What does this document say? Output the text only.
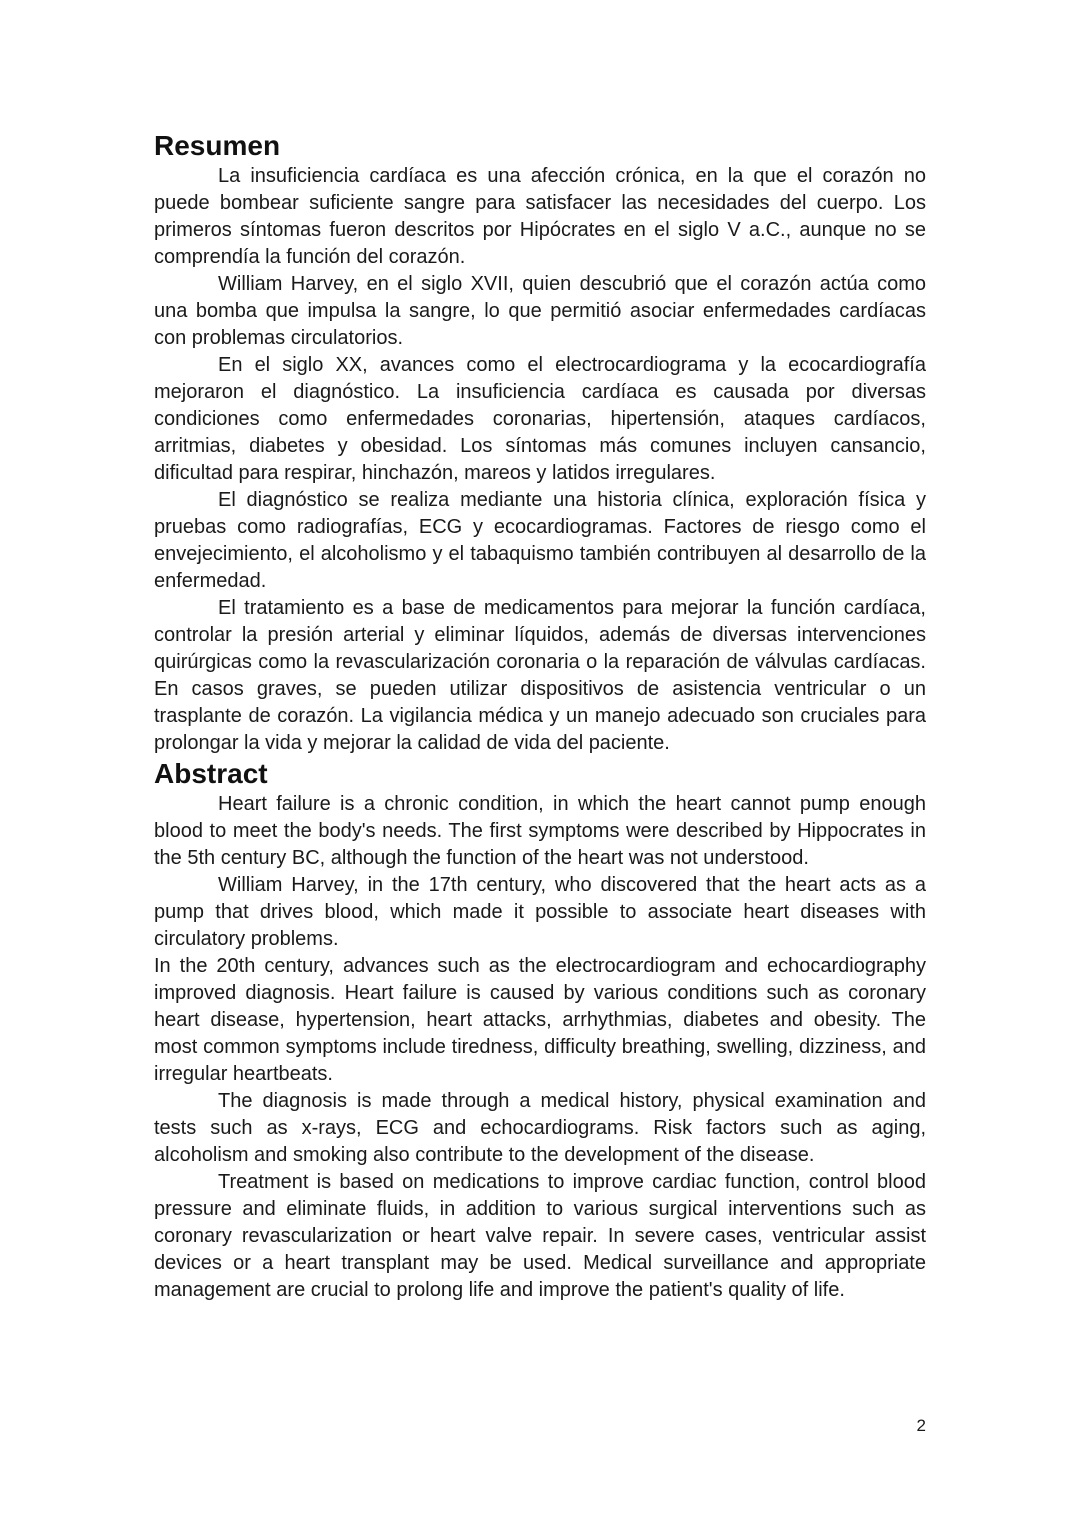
Resumen

La insuficiencia cardíaca es una afección crónica, en la que el corazón no puede bombear suficiente sangre para satisfacer las necesidades del cuerpo. Los primeros síntomas fueron descritos por Hipócrates en el siglo V a.C., aunque no se comprendía la función del corazón.

William Harvey, en el siglo XVII, quien descubrió que el corazón actúa como una bomba que impulsa la sangre, lo que permitió asociar enfermedades cardíacas con problemas circulatorios.

En el siglo XX, avances como el electrocardiograma y la ecocardiografía mejoraron el diagnóstico. La insuficiencia cardíaca es causada por diversas condiciones como enfermedades coronarias, hipertensión, ataques cardíacos, arritmias, diabetes y obesidad. Los síntomas más comunes incluyen cansancio, dificultad para respirar, hinchazón, mareos y latidos irregulares.

El diagnóstico se realiza mediante una historia clínica, exploración física y pruebas como radiografías, ECG y ecocardiogramas. Factores de riesgo como el envejecimiento, el alcoholismo y el tabaquismo también contribuyen al desarrollo de la enfermedad.

El tratamiento es a base de medicamentos para mejorar la función cardíaca, controlar la presión arterial y eliminar líquidos, además de diversas intervenciones quirúrgicas como la revascularización coronaria o la reparación de válvulas cardíacas. En casos graves, se pueden utilizar dispositivos de asistencia ventricular o un trasplante de corazón. La vigilancia médica y un manejo adecuado son cruciales para prolongar la vida y mejorar la calidad de vida del paciente.

Abstract

Heart failure is a chronic condition, in which the heart cannot pump enough blood to meet the body's needs. The first symptoms were described by Hippocrates in the 5th century BC, although the function of the heart was not understood.

William Harvey, in the 17th century, who discovered that the heart acts as a pump that drives blood, which made it possible to associate heart diseases with circulatory problems.

In the 20th century, advances such as the electrocardiogram and echocardiography improved diagnosis. Heart failure is caused by various conditions such as coronary heart disease, hypertension, heart attacks, arrhythmias, diabetes and obesity. The most common symptoms include tiredness, difficulty breathing, swelling, dizziness, and irregular heartbeats.

The diagnosis is made through a medical history, physical examination and tests such as x-rays, ECG and echocardiograms. Risk factors such as aging, alcoholism and smoking also contribute to the development of the disease.

Treatment is based on medications to improve cardiac function, control blood pressure and eliminate fluids, in addition to various surgical interventions such as coronary revascularization or heart valve repair. In severe cases, ventricular assist devices or a heart transplant may be used. Medical surveillance and appropriate management are crucial to prolong life and improve the patient's quality of life.

2
